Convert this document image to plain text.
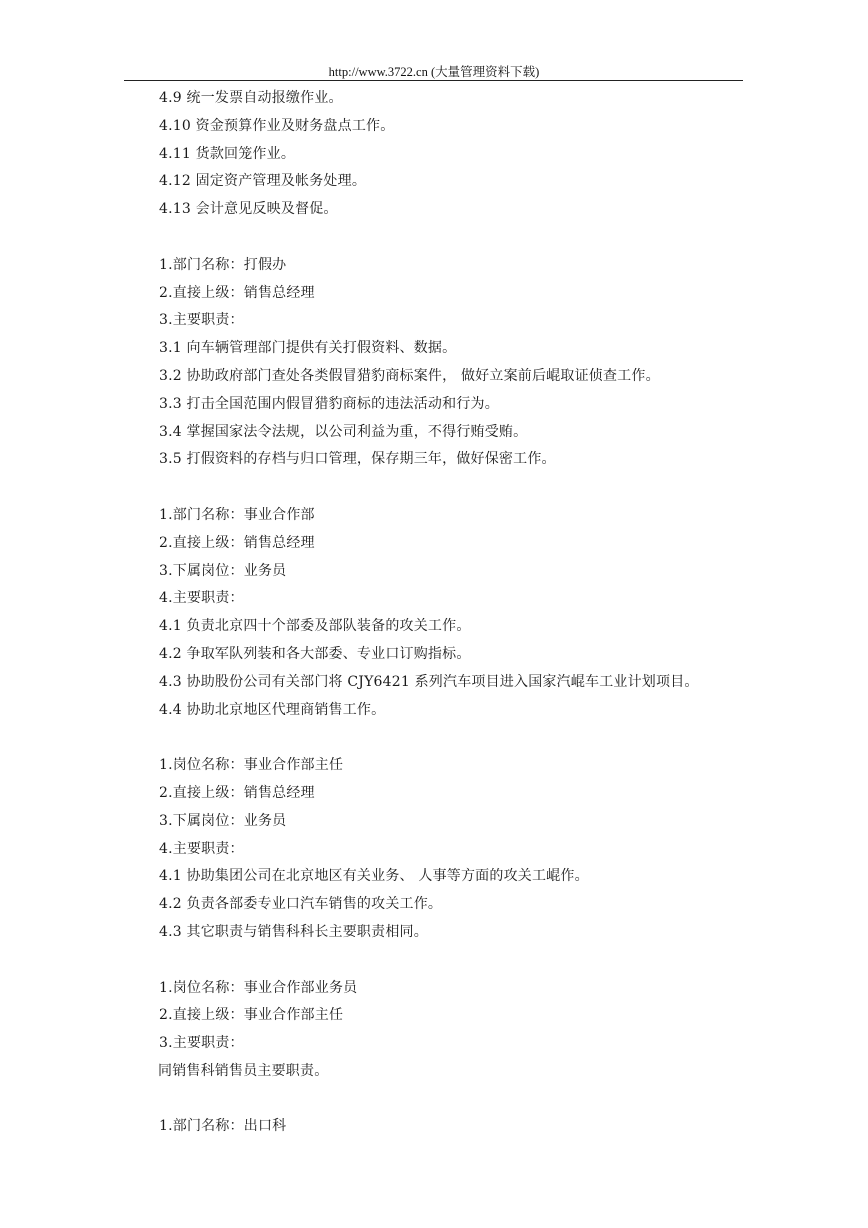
http://www.3722.cn (大量管理资料下载)
4.9 统一发票自动报缴作业。
4.10 资金预算作业及财务盘点工作。
4.11 货款回笼作业。
4.12 固定资产管理及帐务处理。
4.13 会计意见反映及督促。
1.部门名称：打假办
2.直接上级：销售总经理
3.主要职责：
3.1 向车辆管理部门提供有关打假资料、数据。
3.2 协助政府部门查处各类假冒猎豹商标案件， 做好立案前后崐取证侦查工作。
3.3 打击全国范围内假冒猎豹商标的违法活动和行为。
3.4 掌握国家法令法规，以公司利益为重，不得行贿受贿。
3.5 打假资料的存档与归口管理，保存期三年，做好保密工作。
1.部门名称：事业合作部
2.直接上级：销售总经理
3.下属岗位：业务员
4.主要职责：
4.1 负责北京四十个部委及部队装备的攻关工作。
4.2 争取军队列装和各大部委、专业口订购指标。
4.3 协助股份公司有关部门将 CJY6421 系列汽车项目进入国家汽崐车工业计划项目。
4.4 协助北京地区代理商销售工作。
1.岗位名称：事业合作部主任
2.直接上级：销售总经理
3.下属岗位：业务员
4.主要职责：
4.1 协助集团公司在北京地区有关业务、 人事等方面的攻关工崐作。
4.2 负责各部委专业口汽车销售的攻关工作。
4.3 其它职责与销售科科长主要职责相同。
1.岗位名称：事业合作部业务员
2.直接上级：事业合作部主任
3.主要职责：
同销售科销售员主要职责。
1.部门名称：出口科
